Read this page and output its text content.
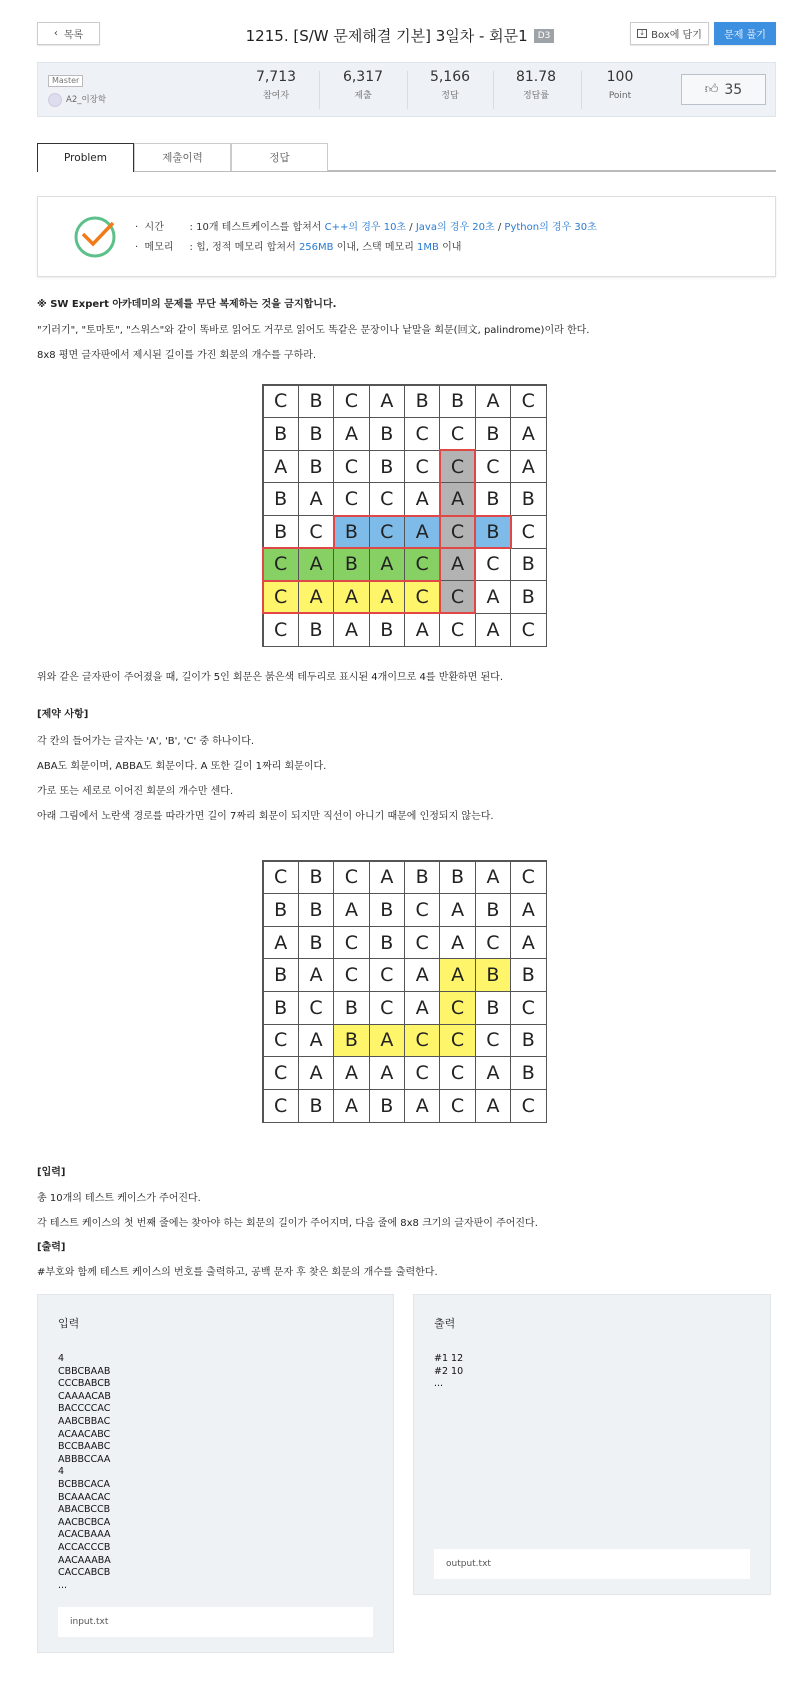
‹ 목록	1215. [S/W 문제해결 기본] 3일차 - 회문1	D3	↓ Box에 담기 문제 풀기
Master
A2_이장학
7,713
참여자
6,317
제출
5,166
정답
81.78
정답률
100
Point	👍︎ 35
Problem	제출이력	정답
·  시간	: 10개 테스트케이스를 합쳐서 C++의 경우 10초 / Java의 경우 20초 / Python의 경우 30초
·  메모리 : 힙, 정적 메모리 합쳐서 256MB 이내, 스택 메모리 1MB 이내
※ SW Expert 아카데미의 문제를 무단 복제하는 것을 금지합니다.
"기러기", "토마토", "스위스"와 같이 똑바로 읽어도 거꾸로 읽어도 똑같은 문장이나 낱말을 회문(回文, palindrome)이라 한다.
8x8 평면 글자판에서 제시된 길이를 가진 회문의 개수를 구하라.
C	B	C	A	B	B	A	C
B	B	A	B	C	C	B	A
A	B	C	B	C	C	C	A
B	A	C	C	A	A	B	B
B	C	B	C	A	C	B	C
C	A	B	A	C	A	C	B
C	A	A	A	C	C	A	B
C	B	A	B	A	C	A	C
위와 같은 글자판이 주어졌을 때, 길이가 5인 회문은 붉은색 테두리로 표시된 4개이므로 4를 반환하면 된다.
[제약 사항]
각 칸의 들어가는 글자는 'A', 'B', 'C' 중 하나이다.
ABA도 회문이며, ABBA도 회문이다. A 또한 길이 1짜리 회문이다.
가로 또는 세로로 이어진 회문의 개수만 센다.
아래 그림에서 노란색 경로를 따라가면 길이 7짜리 회문이 되지만 직선이 아니기 때문에 인정되지 않는다.
C	B	C	A	B	B	A	C
B	B	A	B	C	A	B	A
A	B	C	B	C	A	C	A
B	A	C	C	A	A	B	B
B	C	B	C	A	C	B	C
C	A	B	A	C	C	C	B
C	A	A	A	C	C	A	B
C	B	A	B	A	C	A	C
[입력]
총 10개의 테스트 케이스가 주어진다.
각 테스트 케이스의 첫 번째 줄에는 찾아야 하는 회문의 길이가 주어지며, 다음 줄에 8x8 크기의 글자판이 주어진다.
[출력]
#부호와 함께 테스트 케이스의 번호를 출력하고, 공백 문자 후 찾은 회문의 개수를 출력한다.
입력
4
CBBCBAAB
CCCBABCB
CAAAACAB
BACCCCAC
AABCBBAC
ACAACABC
BCCBAABC
ABBBCCAA
4
BCBBCACA
BCAAACAC
ABACBCCB
AACBCBCA
ACACBAAA
ACCACCCB
AACAAABA
CACCABCB
...
input.txt
출력
#1 12
#2 10
...
output.txt
